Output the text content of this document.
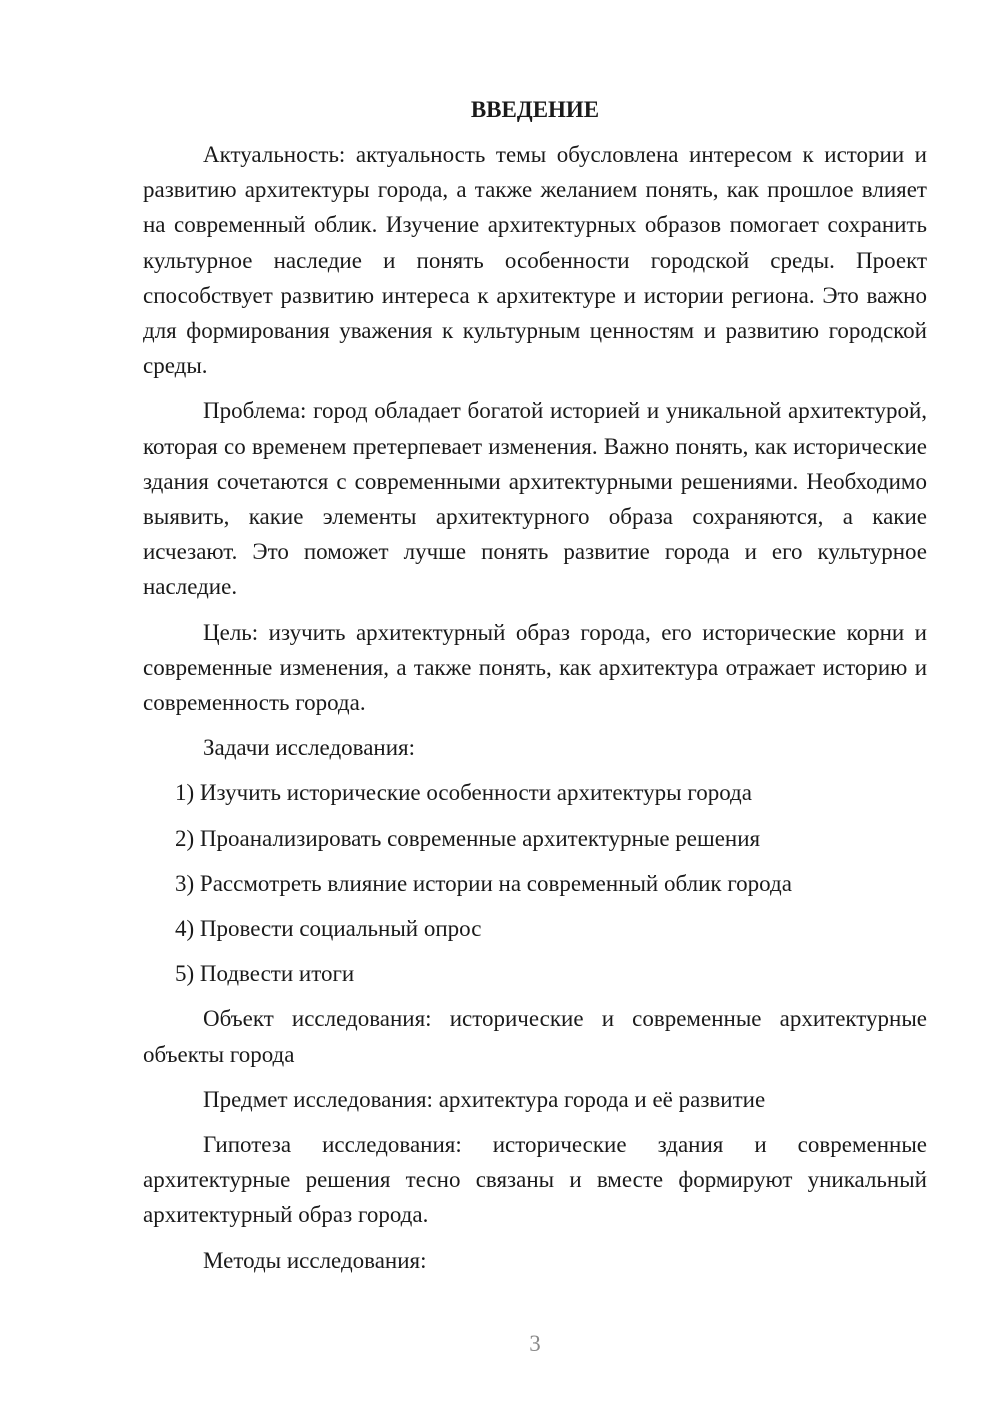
ВВЕДЕНИЕ

Актуальность: актуальность темы обусловлена интересом к истории и развитию архитектуры города, а также желанием понять, как прошлое влияет на современный облик. Изучение архитектурных образов помогает сохранить культурное наследие и понять особенности городской среды. Проект способствует развитию интереса к архитектуре и истории региона. Это важно для формирования уважения к культурным ценностям и развитию городской среды.

Проблема: город обладает богатой историей и уникальной архитектурой, которая со временем претерпевает изменения. Важно понять, как исторические здания сочетаются с современными архитектурными решениями. Необходимо выявить, какие элементы архитектурного образа сохраняются, а какие исчезают. Это поможет лучше понять развитие города и его культурное наследие.

Цель: изучить архитектурный образ города, его исторические корни и современные изменения, а также понять, как архитектура отражает историю и современность города.

Задачи исследования:

1) Изучить исторические особенности архитектуры города
2) Проанализировать современные архитектурные решения
3) Рассмотреть влияние истории на современный облик города
4) Провести социальный опрос
5) Подвести итоги

Объект исследования: исторические и современные архитектурные объекты города

Предмет исследования: архитектура города и её развитие

Гипотеза исследования: исторические здания и современные архитектурные решения тесно связаны и вместе формируют уникальный архитектурный образ города.

Методы исследования:

3
